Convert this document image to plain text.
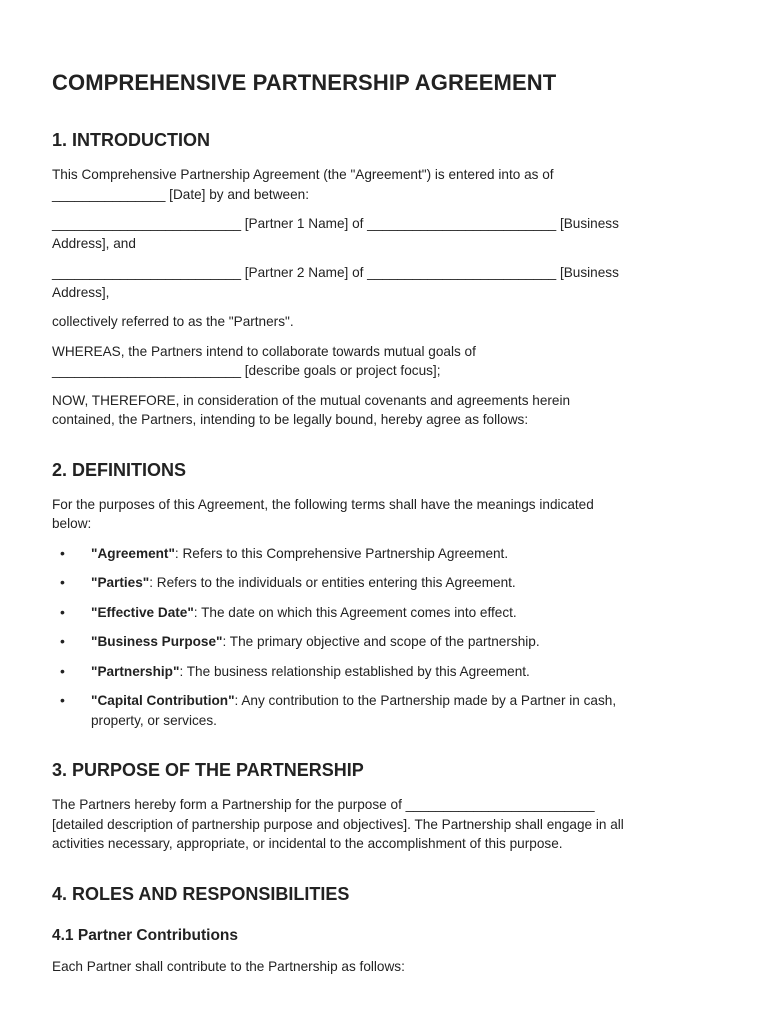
COMPREHENSIVE PARTNERSHIP AGREEMENT
1. INTRODUCTION

This Comprehensive Partnership Agreement (the "Agreement") is entered into as of
_______________ [Date] by and between:

_________________________ [Partner 1 Name] of _________________________ [Business
Address], and

_________________________ [Partner 2 Name] of _________________________ [Business
Address],

collectively referred to as the "Partners".

WHEREAS, the Partners intend to collaborate towards mutual goals of
_________________________ [describe goals or project focus];

NOW, THEREFORE, in consideration of the mutual covenants and agreements herein
contained, the Partners, intending to be legally bound, hereby agree as follows:

2. DEFINITIONS

For the purposes of this Agreement, the following terms shall have the meanings indicated
below:

• "Agreement": Refers to this Comprehensive Partnership Agreement.
• "Parties": Refers to the individuals or entities entering this Agreement.
• "Effective Date": The date on which this Agreement comes into effect.
• "Business Purpose": The primary objective and scope of the partnership.
• "Partnership": The business relationship established by this Agreement.
• "Capital Contribution": Any contribution to the Partnership made by a Partner in cash,
property, or services.
3. PURPOSE OF THE PARTNERSHIP

The Partners hereby form a Partnership for the purpose of _________________________
[detailed description of partnership purpose and objectives]. The Partnership shall engage in all
activities necessary, appropriate, or incidental to the accomplishment of this purpose.

4. ROLES AND RESPONSIBILITIES
4.1 Partner Contributions

Each Partner shall contribute to the Partnership as follows:
